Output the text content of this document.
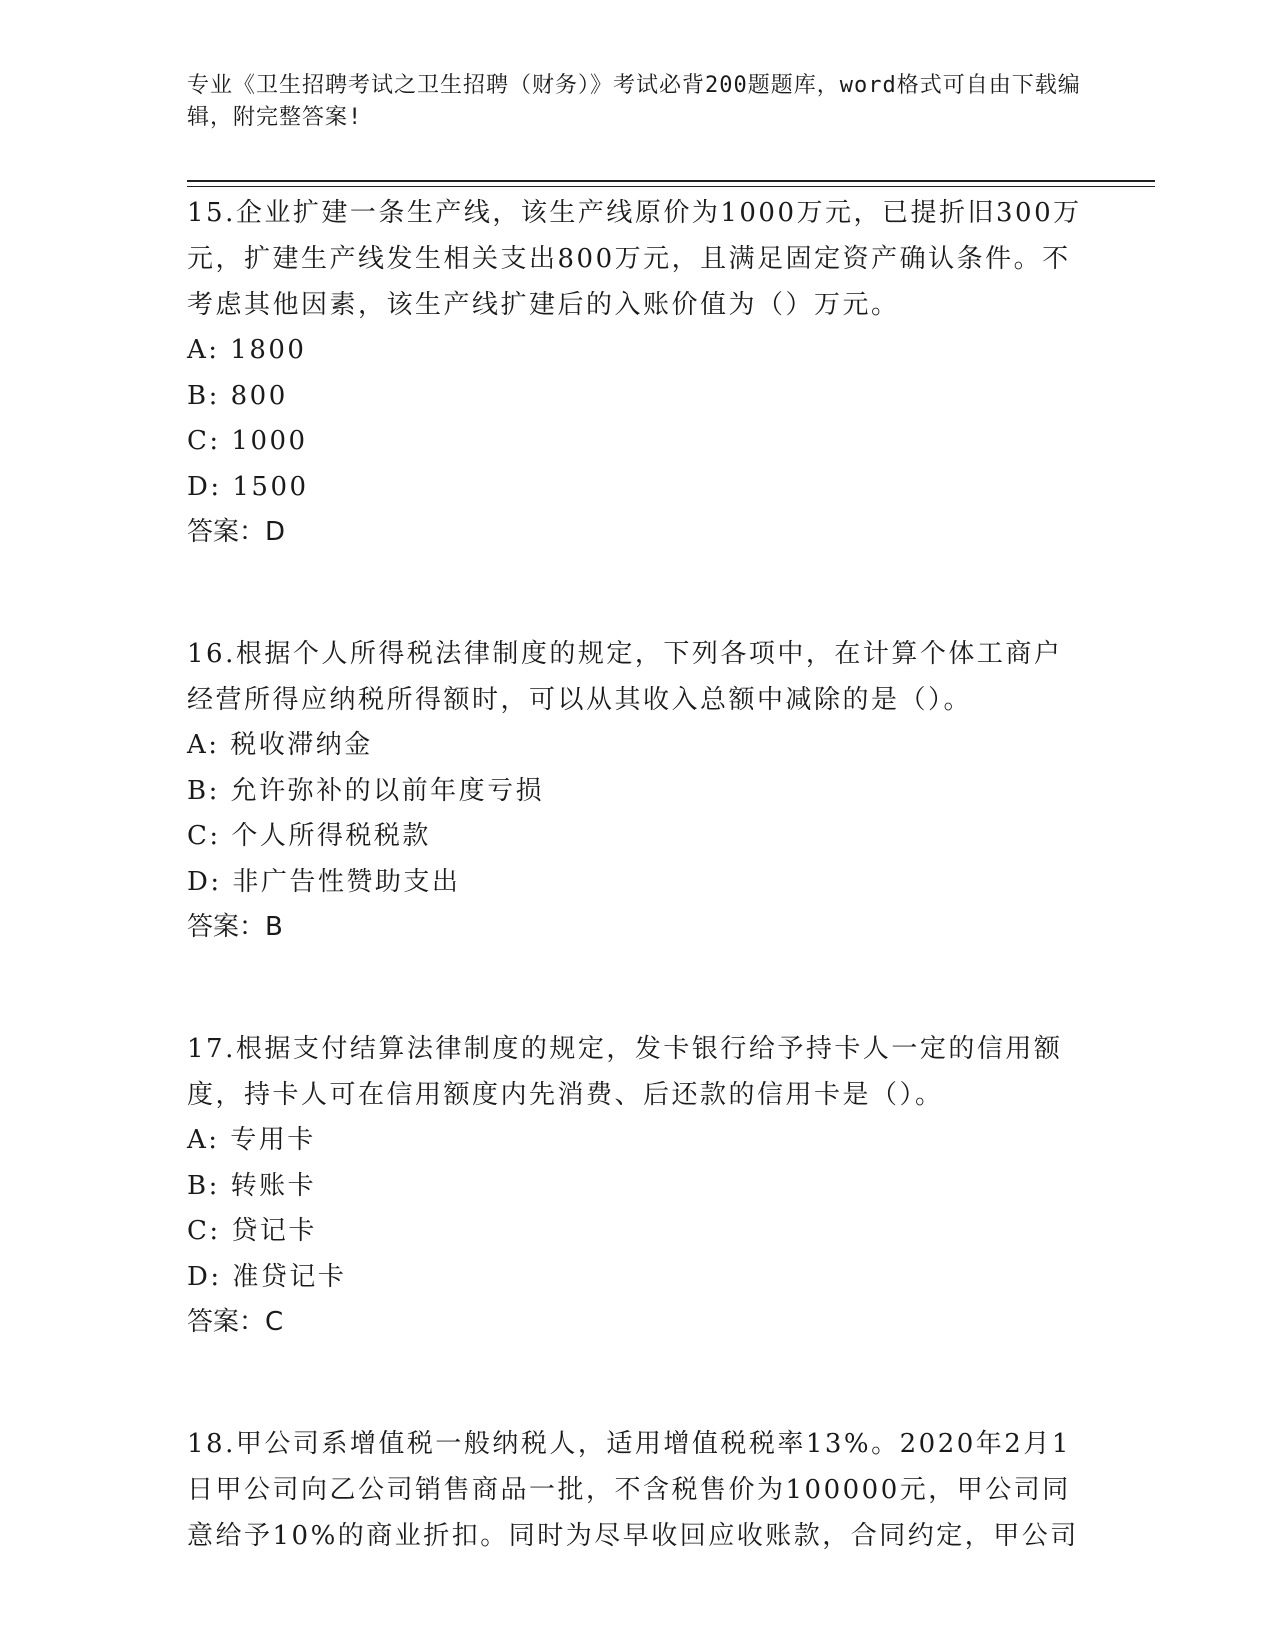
专业《卫生招聘考试之卫生招聘（财务）》考试必背200题题库，word格式可自由下载编辑，附完整答案!
15.企业扩建一条生产线，该生产线原价为1000万元，已提折旧300万元，扩建生产线发生相关支出800万元，且满足固定资产确认条件。不考虑其他因素，该生产线扩建后的入账价值为（）万元。
A: 1800
B: 800
C: 1000
D: 1500
答案：D
16.根据个人所得税法律制度的规定，下列各项中，在计算个体工商户经营所得应纳税所得额时，可以从其收入总额中减除的是（）。
A: 税收滞纳金
B: 允许弥补的以前年度亏损
C: 个人所得税税款
D: 非广告性赞助支出
答案：B
17.根据支付结算法律制度的规定，发卡银行给予持卡人一定的信用额度，持卡人可在信用额度内先消费、后还款的信用卡是（）。
A: 专用卡
B: 转账卡
C: 贷记卡
D: 准贷记卡
答案：C
18.甲公司系增值税一般纳税人，适用增值税税率13%。2020年2月1日甲公司向乙公司销售商品一批，不含税售价为100000元，甲公司同意给予10%的商业折扣。同时为尽早收回应收账款，合同约定，甲公司
